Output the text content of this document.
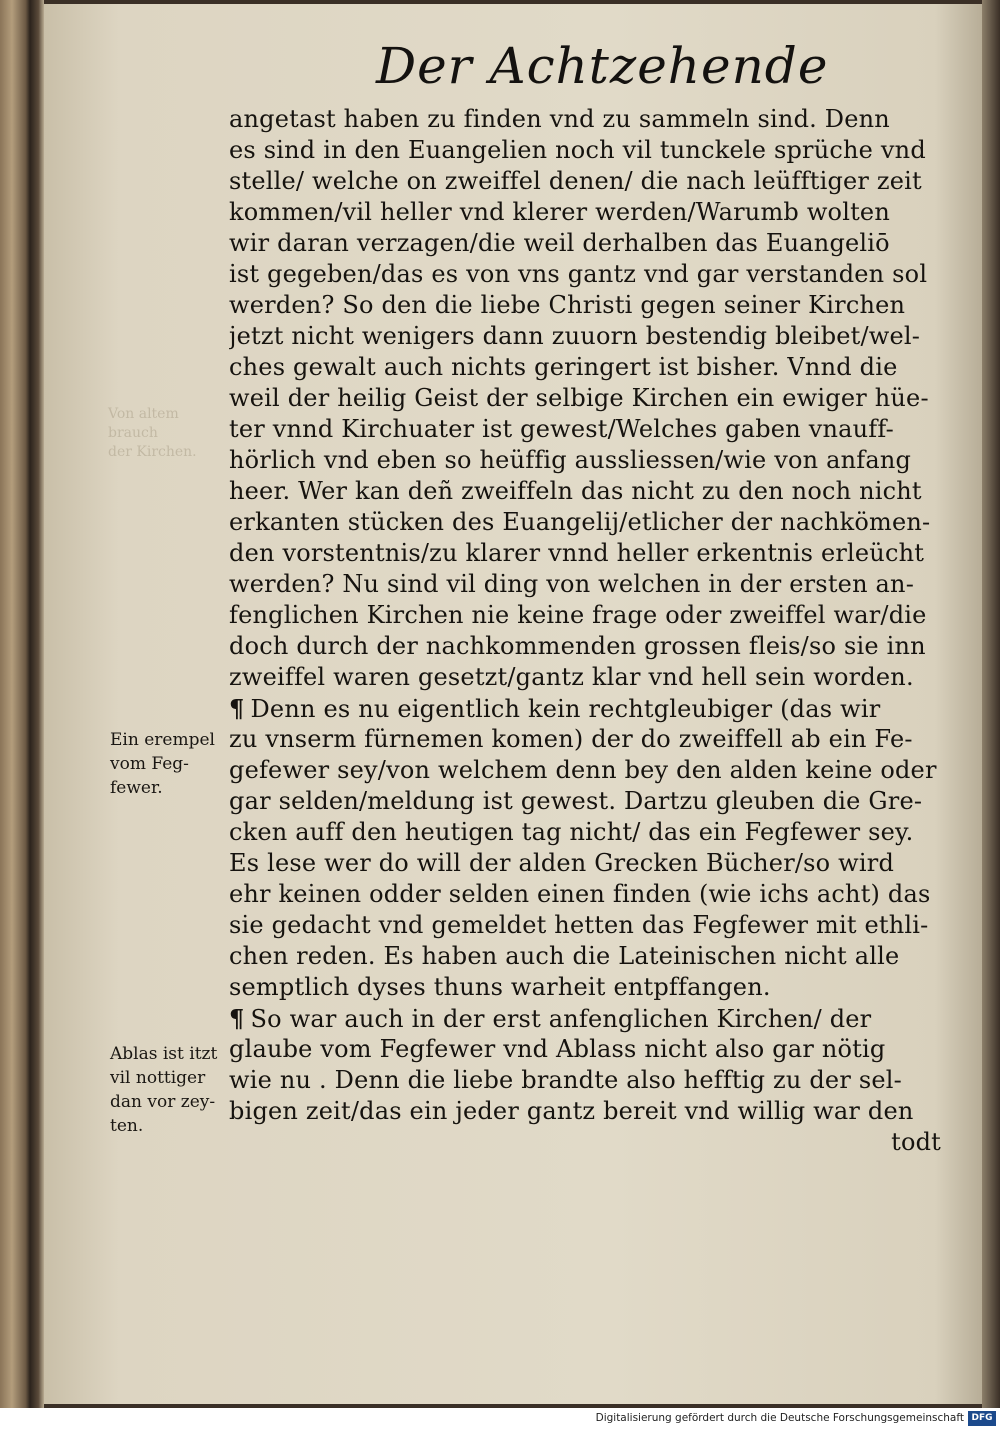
Der Achtzehende
Von altem
brauch
der Kirchen.
angetast haben zu finden vnd zu sammeln sind. Denn
es sind in den Euangelien noch vil tunckele sprüche vnd
stelle/ welche on zweiffel denen/ die nach leüfftiger zeit
kommen/vil heller vnd klerer werden/Warumb wolten
wir daran verzagen/die weil derhalben das Euangeliō
ist gegeben/das es von vns gantz vnd gar verstanden sol
werden? So den die liebe Christi gegen seiner Kirchen
jetzt nicht wenigers dann zuuorn bestendig bleibet/wel-
ches gewalt auch nichts geringert ist bisher. Vnnd die
weil der heilig Geist der selbige Kirchen ein ewiger hüe-
ter vnnd Kirchuater ist gewest/Welches gaben vnauff-
hörlich vnd eben so heüffig aussliessen/wie von anfang
heer. Wer kan deñ zweiffeln das nicht zu den noch nicht
erkanten stücken des Euangelij/etlicher der nachkömen-
den vorstentnis/zu klarer vnnd heller erkentnis erleücht
werden? Nu sind vil ding von welchen in der ersten an-
fenglichen Kirchen nie keine frage oder zweiffel war/die
doch durch der nachkommenden grossen fleis/so sie inn
zweiffel waren gesetzt/gantz klar vnd hell sein worden.
¶ Denn es nu eigentlich kein rechtgleubiger (das wir
zu vnserm fürnemen komen) der do zweiffell ab ein Fe-
gefewer sey/von welchem denn bey den alden keine oder
gar selden/meldung ist gewest. Dartzu gleuben die Gre-
cken auff den heutigen tag nicht/ das ein Fegfewer sey.
Es lese wer do will der alden Grecken Bücher/so wird
ehr keinen odder selden einen finden (wie ichs acht) das
sie gedacht vnd gemeldet hetten das Fegfewer mit ethli-
chen reden. Es haben auch die Lateinischen nicht alle
semptlich dyses thuns warheit entpffangen.
¶ So war auch in der erst anfenglichen Kirchen/ der
glaube vom Fegfewer vnd Ablass nicht also gar nötig
wie nu . Denn die liebe brandte also hefftig zu der sel-
bigen zeit/das ein jeder gantz bereit vnd willig war den
todt
Ein erempel
vom Feg-
fewer.
Ablas ist itzt
vil nottiger
dan vor zey-
ten.
Digitalisierung gefördert durch die Deutsche Forschungsgemeinschaft DFG
